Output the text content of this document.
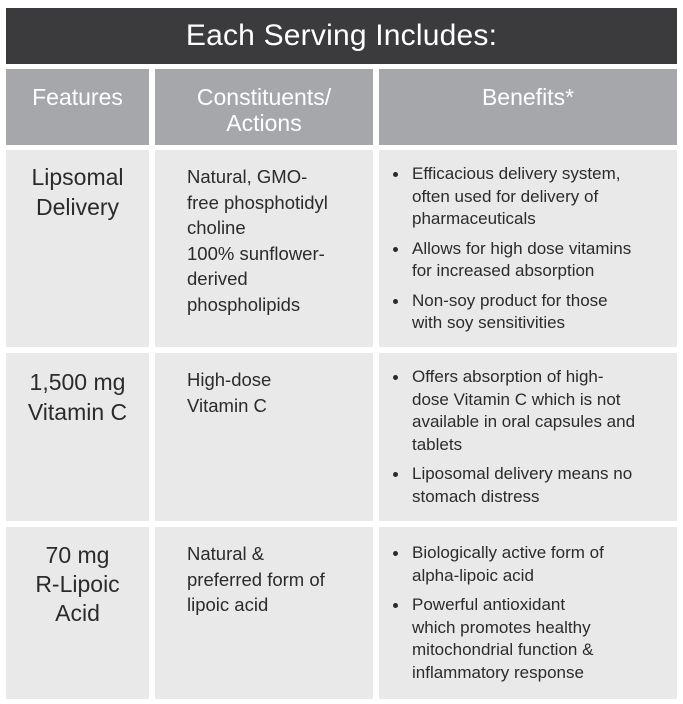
Each Serving Includes:
Features	Constituents/
Actions
Benefits*
Lipsomal
Delivery
Natural, GMO-
free phosphotidyl
choline
100% sunflower-
derived
phospholipids
Efficacious delivery system,
often used for delivery of
pharmaceuticals
Allows for high dose vitamins
for increased absorption
Non-soy product for those
with soy sensitivities
1,500 mg
Vitamin C
High-dose
Vitamin C
Offers absorption of high-
dose Vitamin C which is not
available in oral capsules and
tablets
Liposomal delivery means no
stomach distress
70 mg
R-Lipoic
Acid
Natural &
preferred form of
lipoic acid
Biologically active form of
alpha-lipoic acid
Powerful antioxidant
which promotes healthy
mitochondrial function &
inflammatory response
